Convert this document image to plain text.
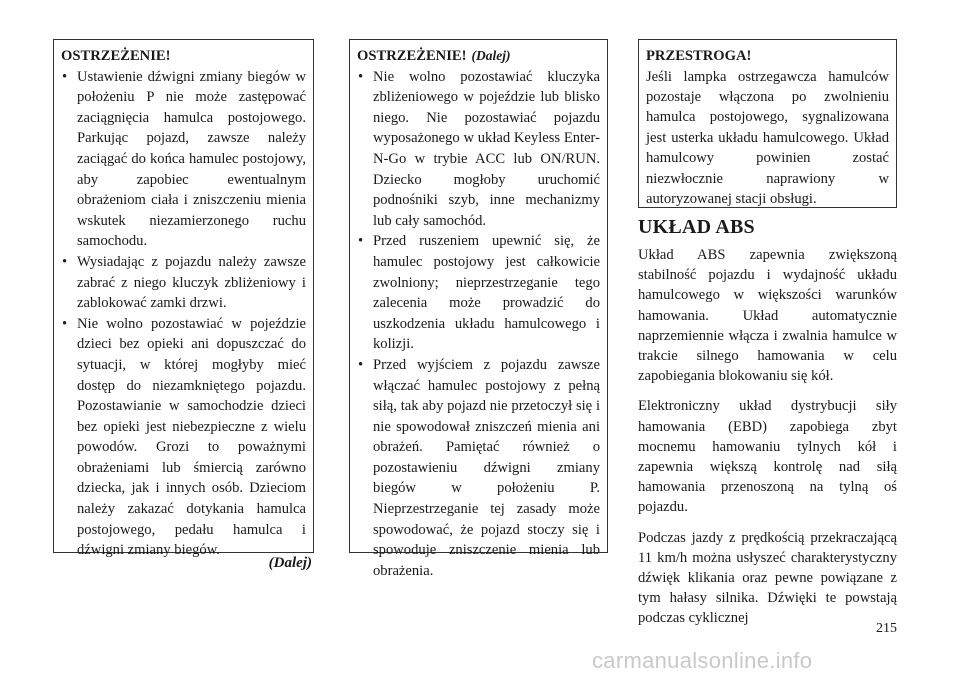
OSTRZEŻENIE!

• Ustawienie dźwigni zmiany biegów w położeniu P nie może zastępować zaciągnięcia hamulca postojowego. Parkując pojazd, zawsze należy zaciągać do końca hamulec postojowy, aby zapobiec ewentualnym obrażeniom ciała i zniszczeniu mienia wskutek niezamierzonego ruchu samochodu.
• Wysiadając z pojazdu należy zawsze zabrać z niego kluczyk zbliżeniowy i zablokować zamki drzwi.
• Nie wolno pozostawiać w pojeździe dzieci bez opieki ani dopuszczać do sytuacji, w której mogłyby mieć dostęp do niezamkniętego pojazdu. Pozostawianie w samochodzie dzieci bez opieki jest niebezpieczne z wielu powodów. Grozi to poważnymi obrażeniami lub śmiercią zarówno dziecka, jak i innych osób. Dzieciom należy zakazać dotykania hamulca postojowego, pedału hamulca i dźwigni zmiany biegów.
(Dalej)

OSTRZEŻENIE! (Dalej)

• Nie wolno pozostawiać kluczyka zbliżeniowego w pojeździe lub blisko niego. Nie pozostawiać pojazdu wyposażonego w układ Keyless Enter-N-Go w trybie ACC lub ON/RUN. Dziecko mogłoby uruchomić podnośniki szyb, inne mechanizmy lub cały samochód.
• Przed ruszeniem upewnić się, że hamulec postojowy jest całkowicie zwolniony; nieprzestrzeganie tego zalecenia może prowadzić do uszkodzenia układu hamulcowego i kolizji.
• Przed wyjściem z pojazdu zawsze włączać hamulec postojowy z pełną siłą, tak aby pojazd nie przetoczył się i nie spowodował zniszczeń mienia ani obrażeń. Pamiętać również o pozostawieniu dźwigni zmiany biegów w położeniu P. Nieprzestrzeganie tej zasady może spowodować, że pojazd stoczy się i spowoduje zniszczenie mienia lub obrażenia.

PRZESTROGA!

Jeśli lampka ostrzegawcza hamulców pozostaje włączona po zwolnieniu hamulca postojowego, sygnalizowana jest usterka układu hamulcowego. Układ hamulcowy powinien zostać niezwłocznie naprawiony w autoryzowanej stacji obsługi.

UKŁAD ABS

Układ ABS zapewnia zwiększoną stabilność pojazdu i wydajność układu hamulcowego w większości warunków hamowania. Układ automatycznie naprzemiennie włącza i zwalnia hamulce w trakcie silnego hamowania w celu zapobiegania blokowaniu się kół.

Elektroniczny układ dystrybucji siły hamowania (EBD) zapobiega zbyt mocnemu hamowaniu tylnych kół i zapewnia większą kontrolę nad siłą hamowania przenoszoną na tylną oś pojazdu.

Podczas jazdy z prędkością przekraczającą 11 km/h można usłyszeć charakterystyczny dźwięk klikania oraz pewne powiązane z tym hałasy silnika. Dźwięki te powstają podczas cyklicznej

215
carmanualsonline.info
